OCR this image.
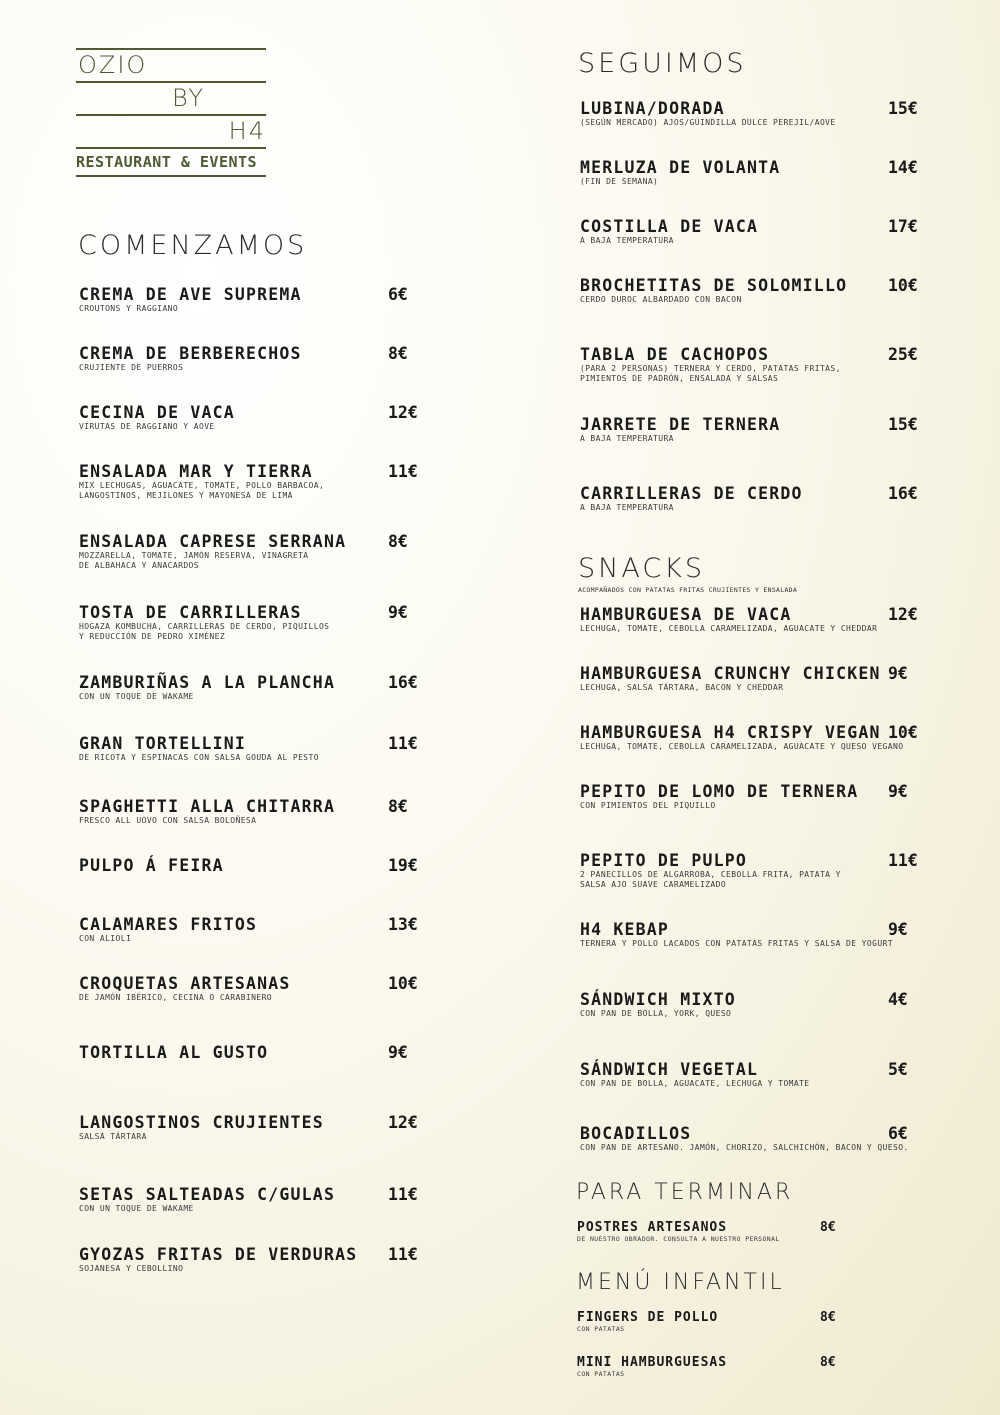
OZIO
BY
H4
RESTAURANT & EVENTS
COMENZAMOS
CREMA DE AVE SUPREMA
CROUTONS Y RAGGIANO
6€
CREMA DE BERBERECHOS
CRUJIENTE DE PUERROS
8€
CECINA DE VACA
VIRUTAS DE RAGGIANO Y AOVE
12€
ENSALADA MAR Y TIERRA
MIX LECHUGAS, AGUACATE, TOMATE, POLLO BARBACOA,
LANGOSTINOS, MEJILONES Y MAYONESA DE LIMA
11€
ENSALADA CAPRESE SERRANA
MOZZARELLA, TOMATE, JAMÓN RESERVA, VINAGRETA
DE ALBAHACA Y ANACARDOS
8€
TOSTA DE CARRILLERAS
HOGAZA KOMBUCHA, CARRILLERAS DE CERDO, PIQUILLOS
Y REDUCCIÓN DE PEDRO XIMÉNEZ
9€
ZAMBURIÑAS A LA PLANCHA
CON UN TOQUE DE WAKAME
16€
GRAN TORTELLINI
DE RICOTA Y ESPINACAS CON SALSA GOUDA AL PESTO
11€
SPAGHETTI ALLA CHITARRA
FRESCO ALL UOVO CON SALSA BOLOÑESA
8€
PULPO Á FEIRA	19€
CALAMARES FRITOS
CON ALIOLI
13€
CROQUETAS ARTESANAS
DE JAMÓN IBÉRICO, CECINA O CARABINERO
10€
TORTILLA AL GUSTO	9€
LANGOSTINOS CRUJIENTES
SALSA TÁRTARA
12€
SETAS SALTEADAS C/GULAS
CON UN TOQUE DE WAKAME
11€
GYOZAS FRITAS DE VERDURAS
SOJANESA Y CEBOLLINO
11€
SEGUIMOS
LUBINA/DORADA
(SEGÚN MERCADO) AJOS/GUINDILLA DULCE PEREJIL/AOVE
15€
MERLUZA DE VOLANTA
(FIN DE SEMANA)
14€
COSTILLA DE VACA
A BAJA TEMPERATURA
17€
BROCHETITAS DE SOLOMILLO
CERDO DUROC ALBARDADO CON BACON
10€
TABLA DE CACHOPOS
(PARA 2 PERSONAS) TERNERA Y CERDO, PATATAS FRITAS,
PIMIENTOS DE PADRÓN, ENSALADA Y SALSAS
25€
JARRETE DE TERNERA
A BAJA TEMPERATURA
15€
CARRILLERAS DE CERDO
A BAJA TEMPERATURA
16€
SNACKS
ACOMPAÑADOS CON PATATAS FRITAS CRUJIENTES Y ENSALADA
HAMBURGUESA DE VACA
LECHUGA, TOMATE, CEBOLLA CARAMELIZADA, AGUACATE Y CHEDDAR
12€
HAMBURGUESA CRUNCHY CHICKEN
LECHUGA, SALSA TÁRTARA, BACON Y CHEDDAR
9€
HAMBURGUESA H4 CRISPY VEGAN
LECHUGA, TOMATE, CEBOLLA CARAMELIZADA, AGUACATE Y QUESO VEGANO
10€
PEPITO DE LOMO DE TERNERA
CON PIMIENTOS DEL PIQUILLO
9€
PEPITO DE PULPO
2 PANECILLOS DE ALGARROBA, CEBOLLA FRITA, PATATA Y
SALSA AJO SUAVE CARAMELIZADO
11€
H4 KEBAP
TERNERA Y POLLO LACADOS CON PATATAS FRITAS Y SALSA DE YOGURT
9€
SÁNDWICH MIXTO
CON PAN DE BOLLA, YORK, QUESO
4€
SÁNDWICH VEGETAL
CON PAN DE BOLLA, AGUACATE, LECHUGA Y TOMATE
5€
BOCADILLOS
CON PAN DE ARTESANO. JAMÓN, CHORIZO, SALCHICHÓN, BACON Y QUESO.
6€
PARA TERMINAR
POSTRES ARTESANOS
DE NUESTRO OBRADOR. CONSULTA A NUESTRO PERSONAL
8€
MENÚ INFANTIL
FINGERS DE POLLO
CON PATATAS
8€
MINI HAMBURGUESAS
CON PATATAS
8€
